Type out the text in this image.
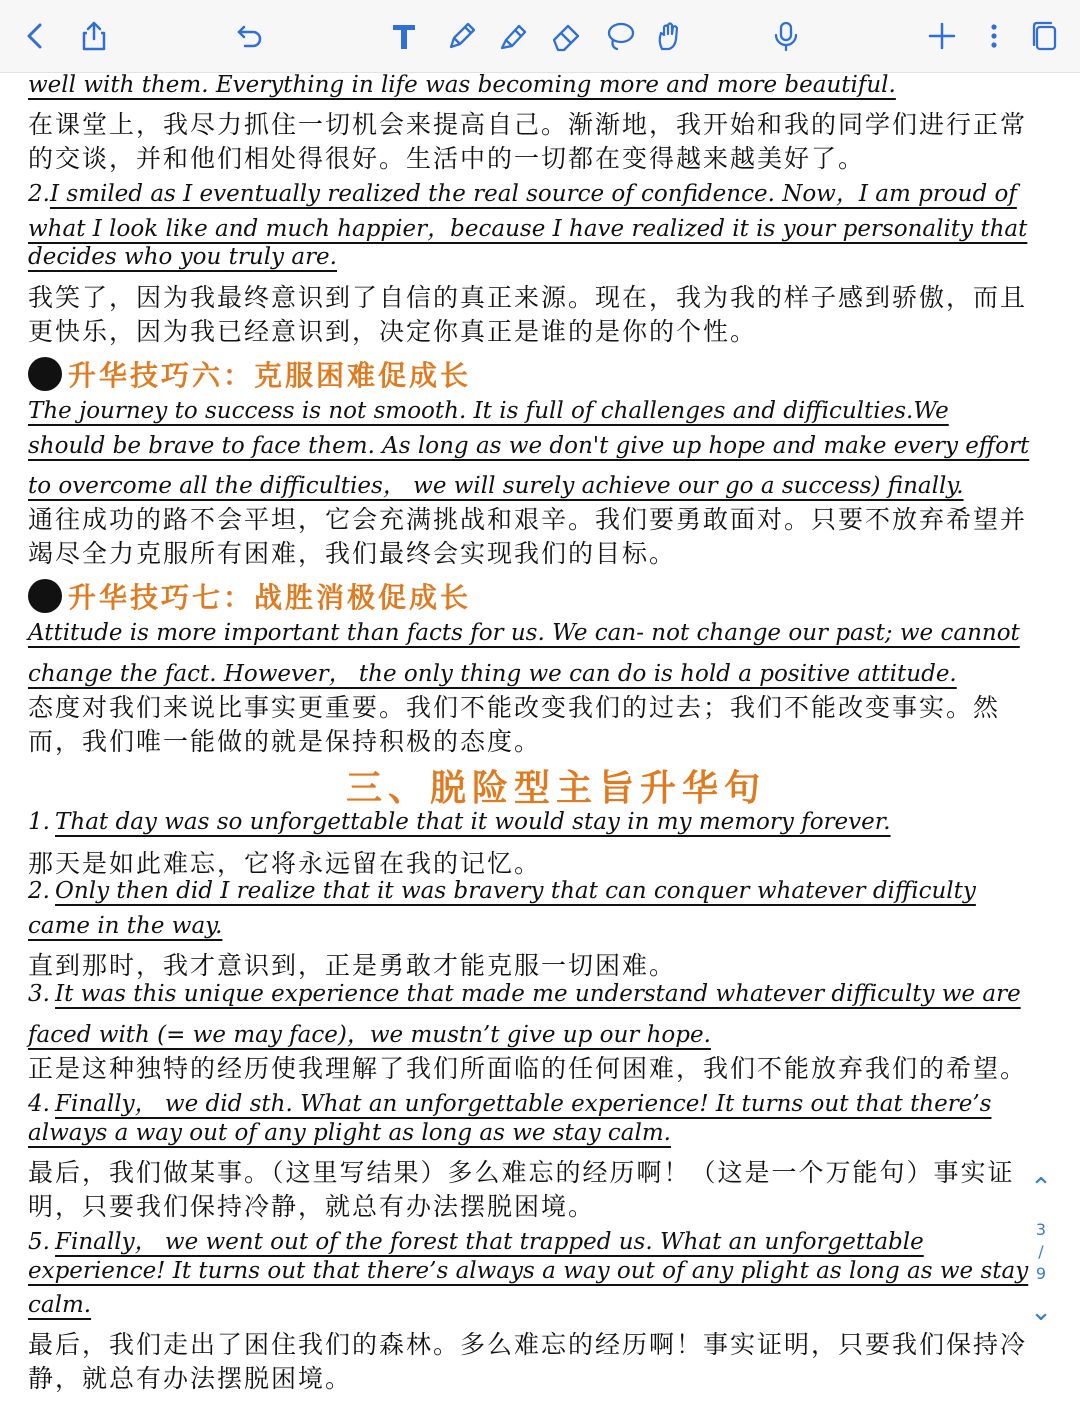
well with them. Everything in life was becoming more and more beautiful.
在课堂上，我尽力抓住一切机会来提高自己。渐渐地，我开始和我的同学们进行正常
的交谈，并和他们相处得很好。生活中的一切都在变得越来越美好了。
2.I smiled as I eventually realized the real source of confidence. Now，I am proud of
what I look like and much happier，because I have realized it is your personality that
decides who you truly are.
我笑了，因为我最终意识到了自信的真正来源。现在，我为我的样子感到骄傲，而且
更快乐，因为我已经意识到，决定你真正是谁的是你的个性。
升华技巧六：克服困难促成长
The journey to success is not smooth. It is full of challenges and difficulties.We
should be brave to face them. As long as we don't give up hope and make every effort
to overcome all the difficulties， we will surely achieve our go a success) finally.
通往成功的路不会平坦，它会充满挑战和艰辛。我们要勇敢面对。只要不放弃希望并
竭尽全力克服所有困难，我们最终会实现我们的目标。
升华技巧七：战胜消极促成长
Attitude is more important than facts for us. We can- not change our past; we cannot
change the fact. However， the only thing we can do is hold a positive attitude.
态度对我们来说比事实更重要。我们不能改变我们的过去；我们不能改变事实。然
而，我们唯一能做的就是保持积极的态度。
三、脱险型主旨升华句
1. That day was so unforgettable that it would stay in my memory forever.
那天是如此难忘，它将永远留在我的记忆。
2. Only then did I realize that it was bravery that can conquer whatever difficulty
came in the way.
直到那时，我才意识到，正是勇敢才能克服一切困难。
3. It was this unique experience that made me understand whatever difficulty we are
faced with (= we may face)，we mustn’t give up our hope.
正是这种独特的经历使我理解了我们所面临的任何困难，我们不能放弃我们的希望。
4. Finally， we did sth. What an unforgettable experience! It turns out that there’s
always a way out of any plight as long as we stay calm.
最后，我们做某事。（这里写结果）多么难忘的经历啊！（这是一个万能句）事实证
明，只要我们保持冷静，就总有办法摆脱困境。
5. Finally， we went out of the forest that trapped us. What an unforgettable
experience! It turns out that there’s always a way out of any plight as long as we stay
calm.
最后，我们走出了困住我们的森林。多么难忘的经历啊！事实证明，只要我们保持冷
静，就总有办法摆脱困境。
⌃
3
/
9
⌄
